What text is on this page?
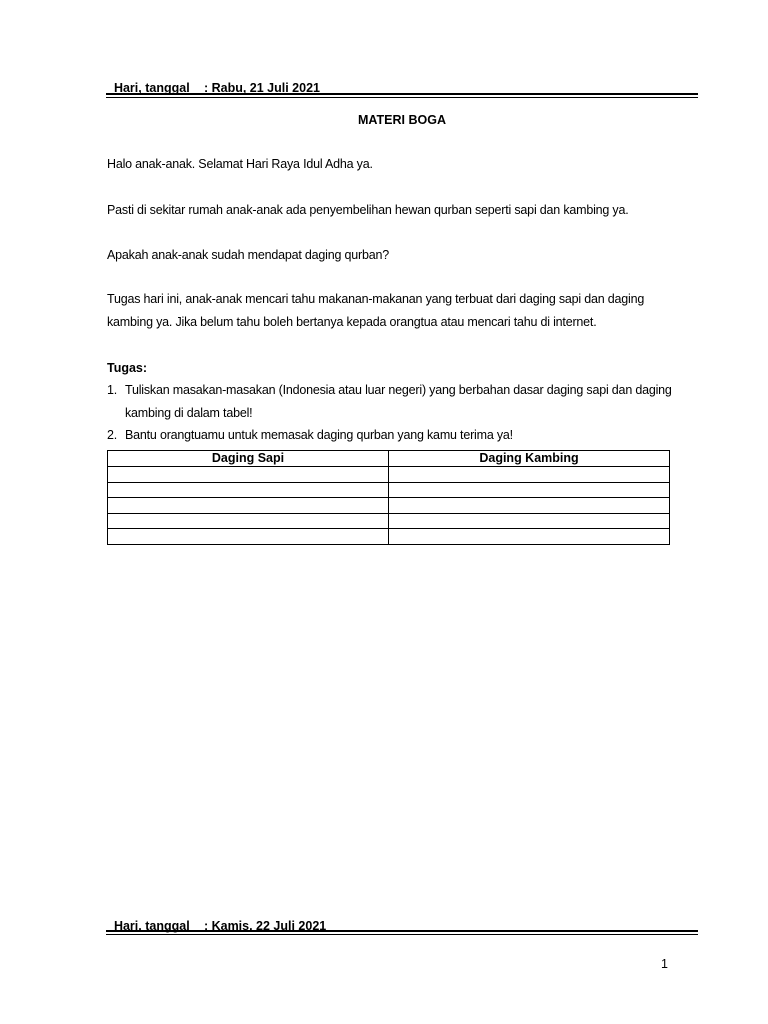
Hari, tanggal : Rabu, 21 Juli 2021

MATERI BOGA
Halo anak-anak. Selamat Hari Raya Idul Adha ya.
Pasti di sekitar rumah anak-anak ada penyembelihan hewan qurban seperti sapi dan kambing ya.
Apakah anak-anak sudah mendapat daging qurban?
Tugas hari ini, anak-anak mencari tahu makanan-makanan yang terbuat dari daging sapi dan daging kambing ya. Jika belum tahu boleh bertanya kepada orangtua atau mencari tahu di internet.
Tugas:
1. Tuliskan masakan-masakan (Indonesia atau luar negeri) yang berbahan dasar daging sapi dan daging kambing di dalam tabel!
2. Bantu orangtuamu untuk memasak daging qurban yang kamu terima ya!
Daging Sapi	Daging Kambing

Hari, tanggal : Kamis, 22 Juli 2021

1
